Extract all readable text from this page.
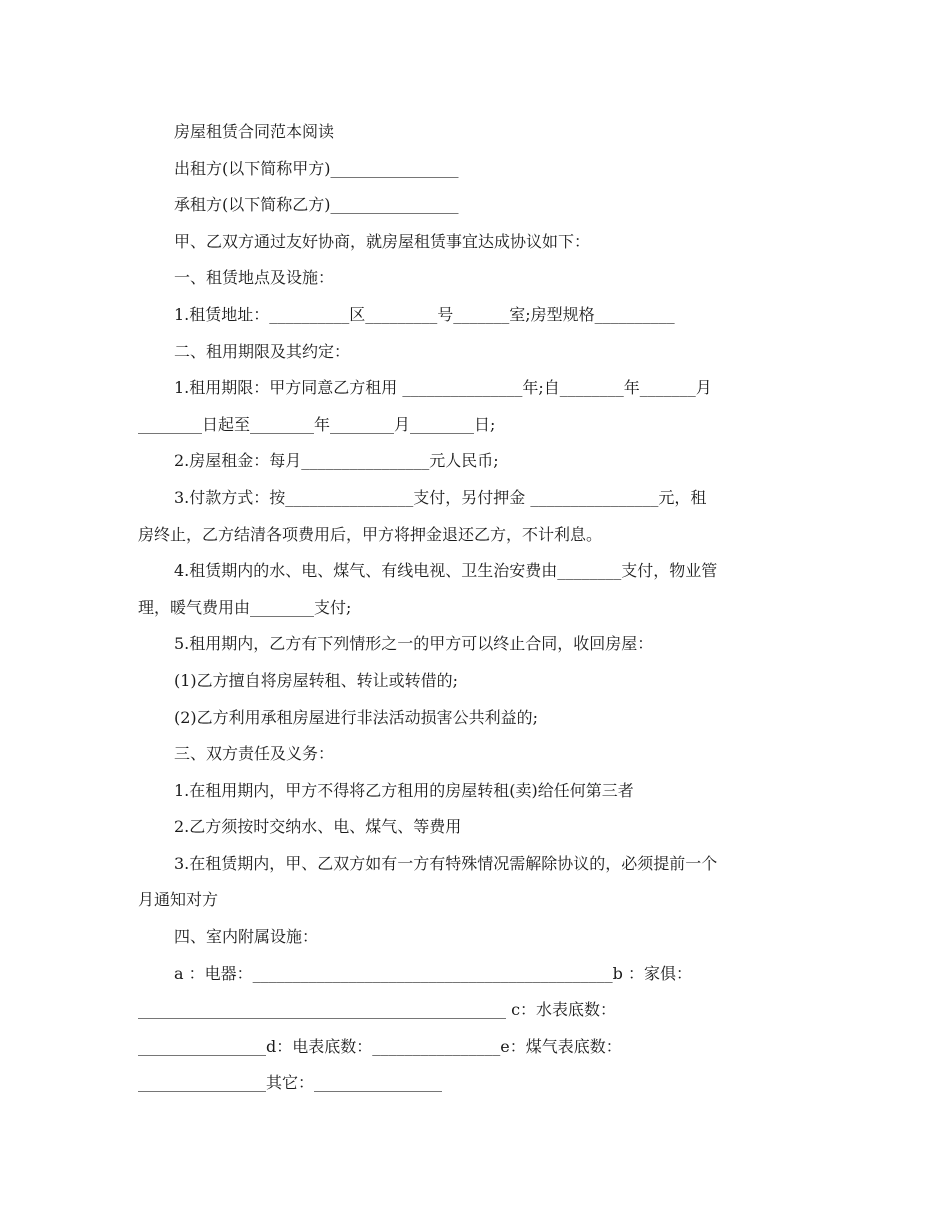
房屋租赁合同范本阅读
出租方(以下简称甲方)________________
承租方(以下简称乙方)________________
甲、乙双方通过友好协商，就房屋租赁事宜达成协议如下：
一、租赁地点及设施：
1.租赁地址：__________区_________号_______室;房型规格__________
二、租用期限及其约定：
1.租用期限：甲方同意乙方租用 _______________年;自________年_______月
________日起至________年________月________日;
2.房屋租金：每月________________元人民币;
3.付款方式：按________________支付，另付押金 ________________元，租
房终止，乙方结清各项费用后，甲方将押金退还乙方，不计利息。
4.租赁期内的水、电、煤气、有线电视、卫生治安费由________支付，物业管
理，暖气费用由________支付;
5.租用期内，乙方有下列情形之一的甲方可以终止合同，收回房屋：
(1)乙方擅自将房屋转租、转让或转借的;
(2)乙方利用承租房屋进行非法活动损害公共利益的;
三、双方责任及义务：
1.在租用期内，甲方不得将乙方租用的房屋转租(卖)给任何第三者
2.乙方须按时交纳水、电、煤气、等费用
3.在租赁期内，甲、乙双方如有一方有特殊情况需解除协议的，必须提前一个
月通知对方
四、室内附属设施：
a ：电器：_____________________________________________b ：家俱：
______________________________________________ c：水表底数：
________________d：电表底数：________________e：煤气表底数：
________________其它：________________
